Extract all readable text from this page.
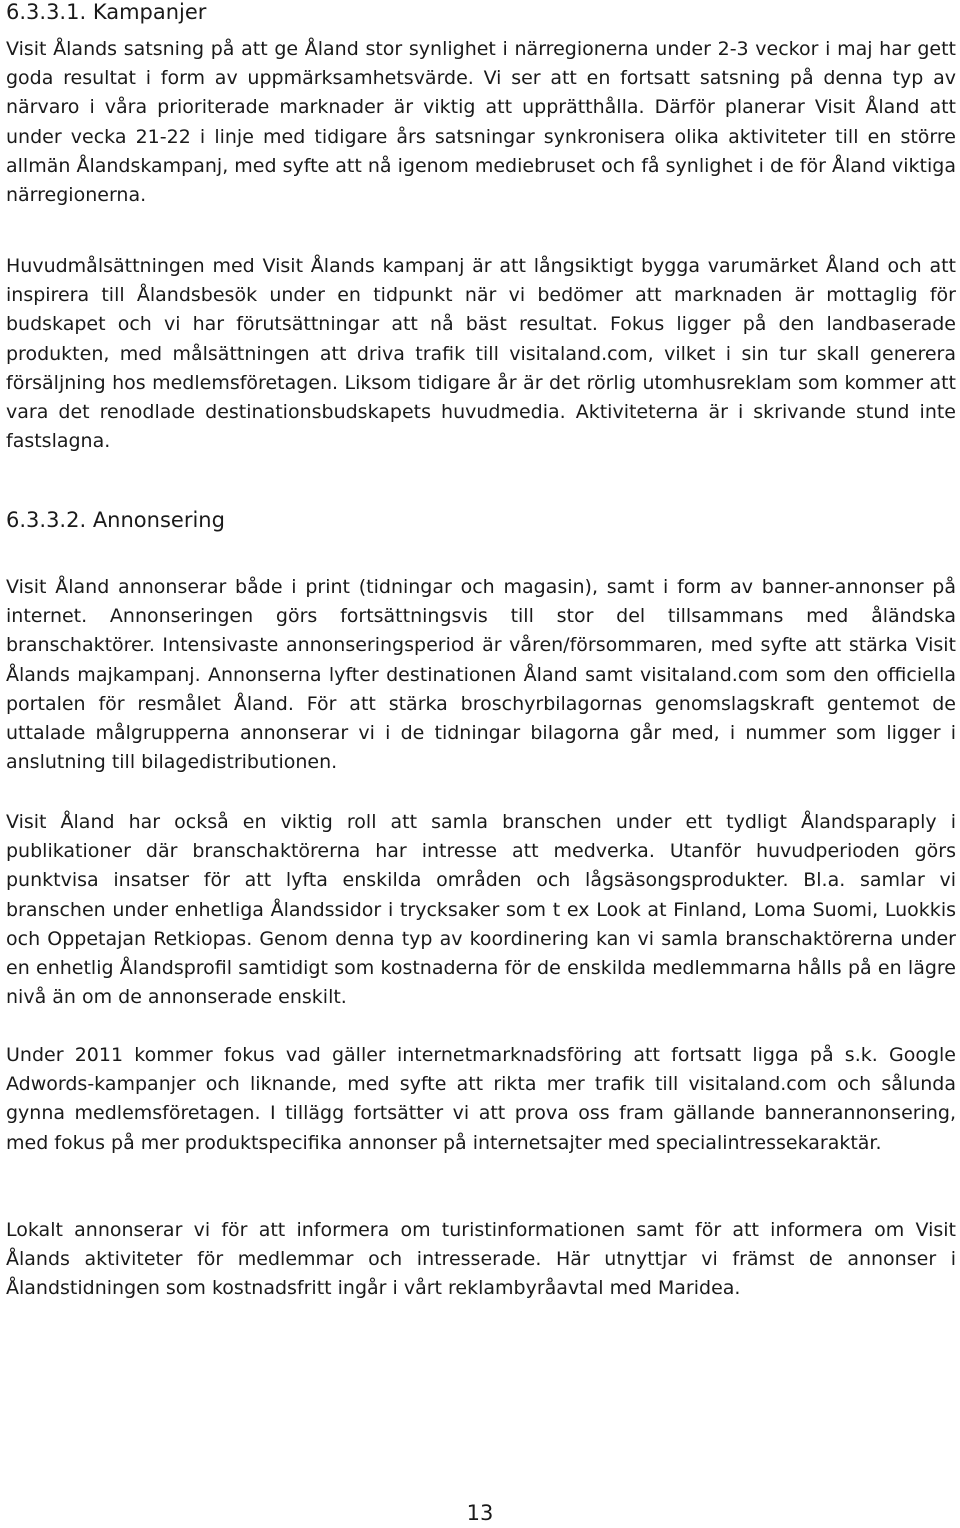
6.3.3.1. Kampanjer

Visit Ålands satsning på att ge Åland stor synlighet i närregionerna under 2-3 veckor i maj har gett goda resultat i form av uppmärksamhetsvärde. Vi ser att en fortsatt satsning på denna typ av närvaro i våra prioriterade marknader är viktig att upprätthålla. Därför planerar Visit Åland att under vecka 21-22 i linje med tidigare års satsningar synkronisera olika aktiviteter till en större allmän Ålandskampanj, med syfte att nå igenom mediebruset och få synlighet i de för Åland viktiga närregionerna.

Huvudmålsättningen med Visit Ålands kampanj är att långsiktigt bygga varumärket Åland och att inspirera till Ålandsbesök under en tidpunkt när vi bedömer att marknaden är mottaglig för budskapet och vi har förutsättningar att nå bäst resultat. Fokus ligger på den landbaserade produkten, med målsättningen att driva trafik till visitaland.com, vilket i sin tur skall generera försäljning hos medlemsföretagen. Liksom tidigare år är det rörlig utomhusreklam som kommer att vara det renodlade destinationsbudskapets huvudmedia. Aktiviteterna är i skrivande stund inte fastslagna.

6.3.3.2. Annonsering

Visit Åland annonserar både i print (tidningar och magasin), samt i form av banner-annonser på internet. Annonseringen görs fortsättningsvis till stor del tillsammans med åländska branschaktörer. Intensivaste annonseringsperiod är våren/försommaren, med syfte att stärka Visit Ålands majkampanj. Annonserna lyfter destinationen Åland samt visitaland.com som den officiella portalen för resmålet Åland. För att stärka broschyrbilagornas genomslagskraft gentemot de uttalade målgrupperna annonserar vi i de tidningar bilagorna går med, i nummer som ligger i anslutning till bilagedistributionen.

Visit Åland har också en viktig roll att samla branschen under ett tydligt Ålandsparaply i publikationer där branschaktörerna har intresse att medverka. Utanför huvudperioden görs punktvisa insatser för att lyfta enskilda områden och lågsäsongsprodukter. Bl.a. samlar vi branschen under enhetliga Ålandssidor i trycksaker som t ex Look at Finland, Loma Suomi, Luokkis och Oppetajan Retkiopas. Genom denna typ av koordinering kan vi samla branschaktörerna under en enhetlig Ålandsprofil samtidigt som kostnaderna för de enskilda medlemmarna hålls på en lägre nivå än om de annonserade enskilt.

Under 2011 kommer fokus vad gäller internetmarknadsföring att fortsatt ligga på s.k. Google Adwords-kampanjer och liknande, med syfte att rikta mer trafik till visitaland.com och sålunda gynna medlemsföretagen. I tillägg fortsätter vi att prova oss fram gällande bannerannonsering, med fokus på mer produktspecifika annonser på internetsajter med specialintressekaraktär.

Lokalt annonserar vi för att informera om turistinformationen samt för att informera om Visit Ålands aktiviteter för medlemmar och intresserade. Här utnyttjar vi främst de annonser i Ålandstidningen som kostnadsfritt ingår i vårt reklambyråavtal med Maridea.

13
